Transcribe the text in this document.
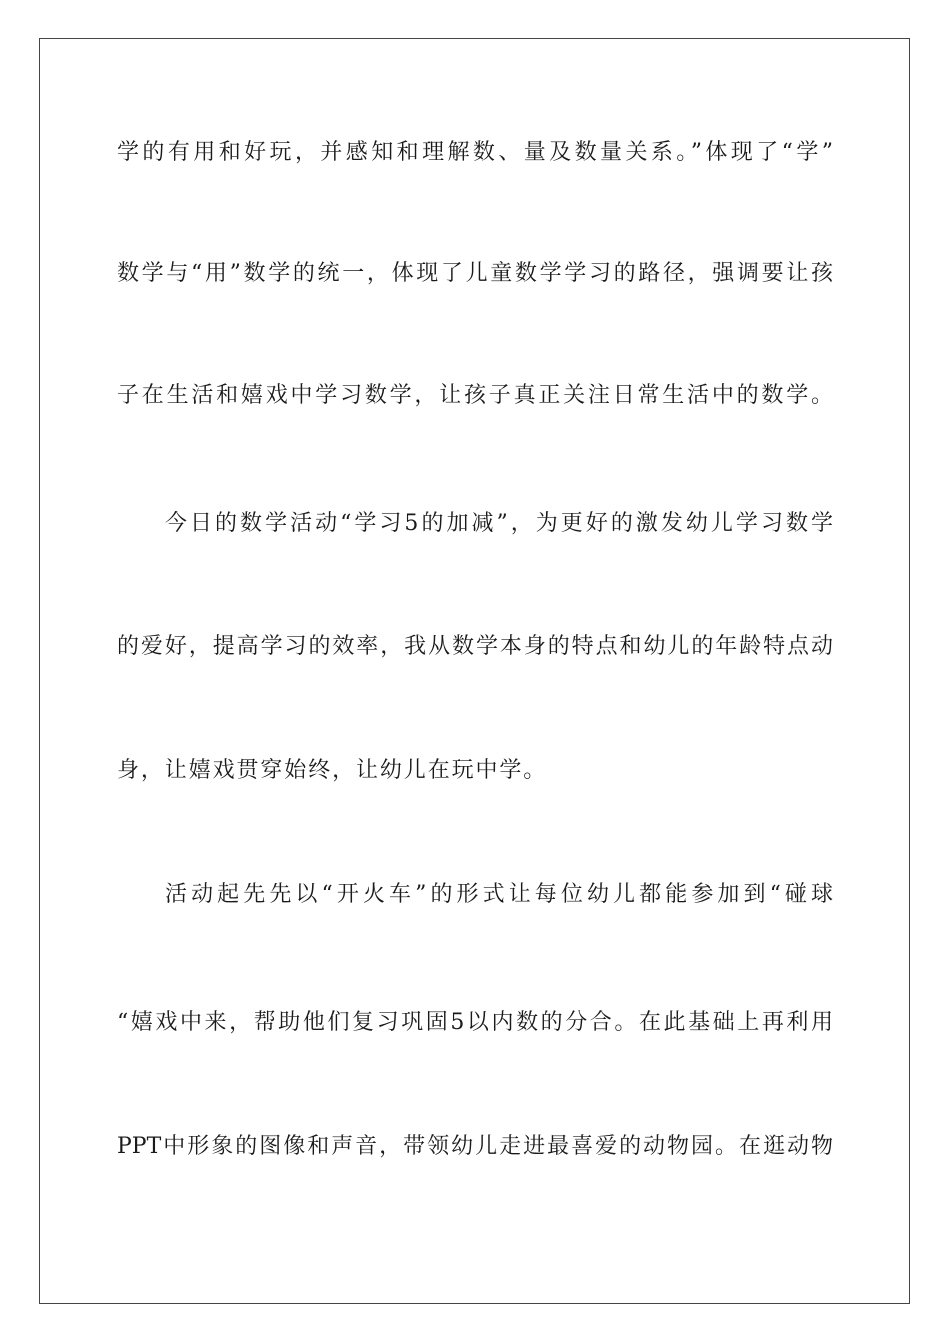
学的有用和好玩，并感知和理解数、量及数量关系。”体现了“学”
数学与“用”数学的统一，体现了儿童数学学习的路径，强调要让孩
子在生活和嬉戏中学习数学，让孩子真正关注日常生活中的数学。
今日的数学活动“学习5的加减”，为更好的激发幼儿学习数学
的爱好，提高学习的效率，我从数学本身的特点和幼儿的年龄特点动
身，让嬉戏贯穿始终，让幼儿在玩中学。
活动起先先以“开火车”的形式让每位幼儿都能参加到“碰球
“嬉戏中来，帮助他们复习巩固5以内数的分合。在此基础上再利用
PPT中形象的图像和声音，带领幼儿走进最喜爱的动物园。在逛动物
